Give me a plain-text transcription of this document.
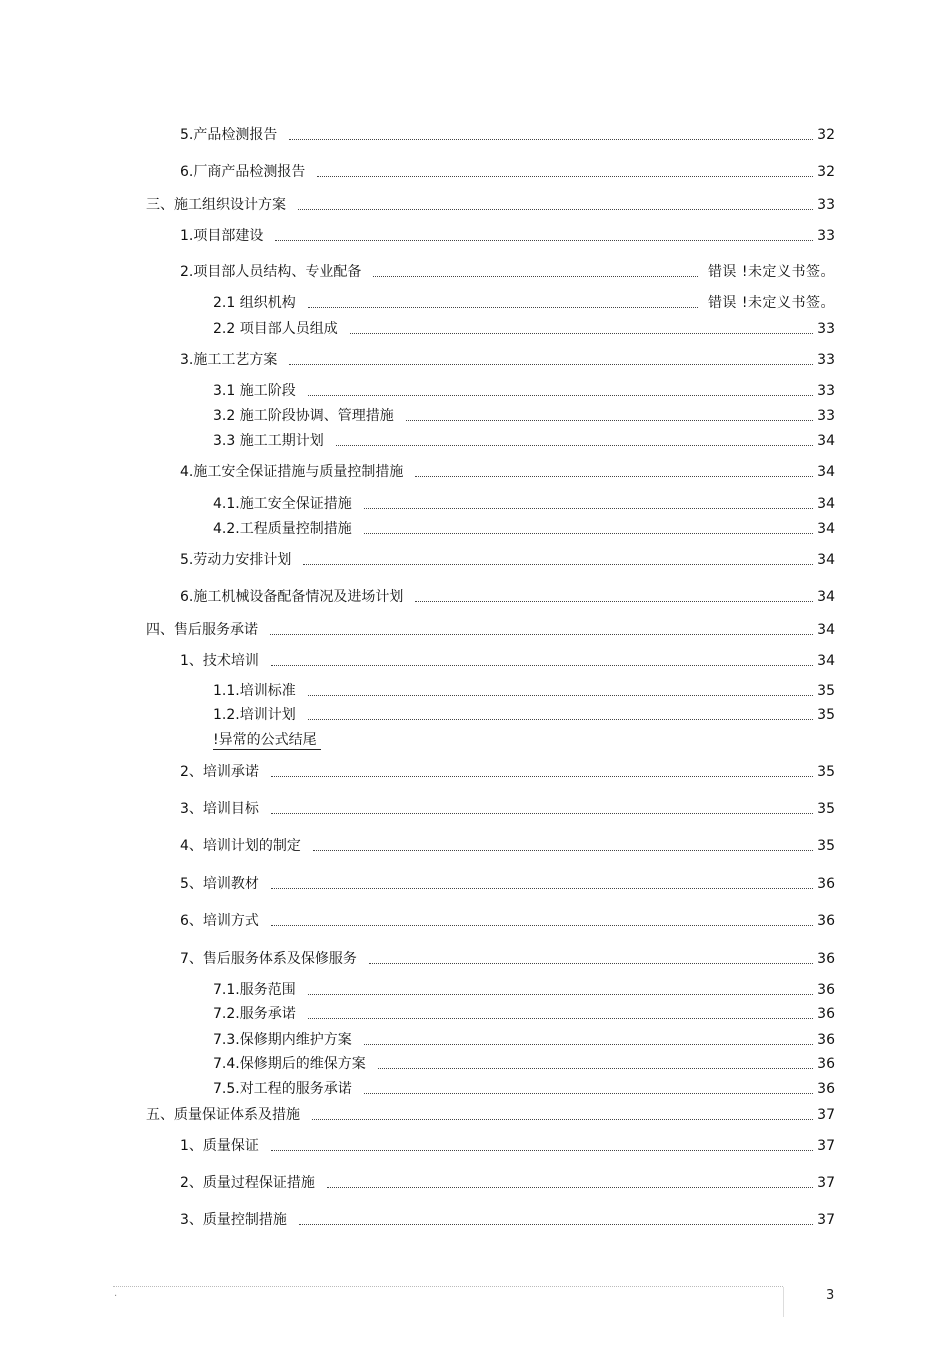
5.产品检测报告	32
6.厂商产品检测报告	32
三、施工组织设计方案	33
1.项目部建设	33
2.项目部人员结构、专业配备	错误 !未定义书签。
2.1 组织机构	错误 !未定义书签。
2.2 项目部人员组成	33
3.施工工艺方案	33
3.1 施工阶段	33
3.2 施工阶段协调、管理措施	33
3.3 施工工期计划	34
4.施工安全保证措施与质量控制措施	34
4.1.施工安全保证措施	34
4.2.工程质量控制措施	34
5.劳动力安排计划	34
6.施工机械设备配备情况及进场计划	34
四、售后服务承诺	34
1、技术培训	34
1.1.培训标准	35
1.2.培训计划	35
!异常的公式结尾
2、培训承诺	35
3、培训目标	35
4、培训计划的制定	35
5、培训教材	36
6、培训方式	36
7、售后服务体系及保修服务	36
7.1.服务范围	36
7.2.服务承诺	36
7.3.保修期内维护方案	36
7.4.保修期后的维保方案	36
7.5.对工程的服务承诺	36
五、质量保证体系及措施	37
1、质量保证	37
2、质量过程保证措施	37
3、质量控制措施	37
·	3
